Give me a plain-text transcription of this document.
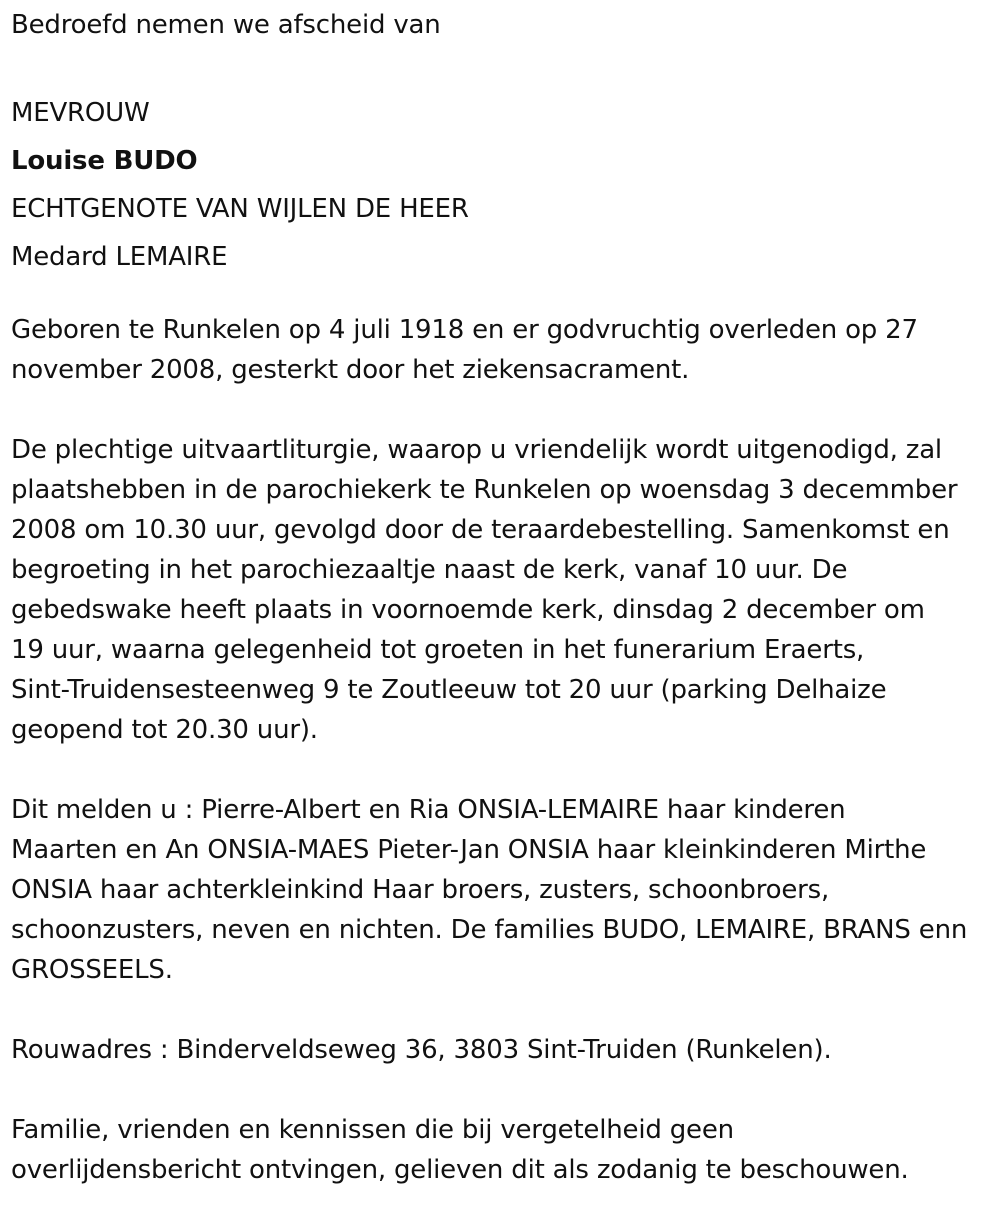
Bedroefd nemen we afscheid van
MEVROUW
Louise BUDO
ECHTGENOTE VAN WIJLEN DE HEER
Medard LEMAIRE
Geboren te Runkelen op 4 juli 1918 en er godvruchtig overleden op 27
november 2008, gesterkt door het ziekensacrament.
De plechtige uitvaartliturgie, waarop u vriendelijk wordt uitgenodigd, zal
plaatshebben in de parochiekerk te Runkelen op woensdag 3 decemmber
2008 om 10.30 uur, gevolgd door de teraardebestelling. Samenkomst en
begroeting in het parochiezaaltje naast de kerk, vanaf 10 uur. De
gebedswake heeft plaats in voornoemde kerk, dinsdag 2 december om
19 uur, waarna gelegenheid tot groeten in het funerarium Eraerts,
Sint-Truidensesteenweg 9 te Zoutleeuw tot 20 uur (parking Delhaize
geopend tot 20.30 uur).
Dit melden u : Pierre-Albert en Ria ONSIA-LEMAIRE haar kinderen
Maarten en An ONSIA-MAES Pieter-Jan ONSIA haar kleinkinderen Mirthe
ONSIA haar achterkleinkind Haar broers, zusters, schoonbroers,
schoonzusters, neven en nichten. De families BUDO, LEMAIRE, BRANS enn
GROSSEELS.
Rouwadres : Binderveldseweg 36, 3803 Sint-Truiden (Runkelen).
Familie, vrienden en kennissen die bij vergetelheid geen
overlijdensbericht ontvingen, gelieven dit als zodanig te beschouwen.
